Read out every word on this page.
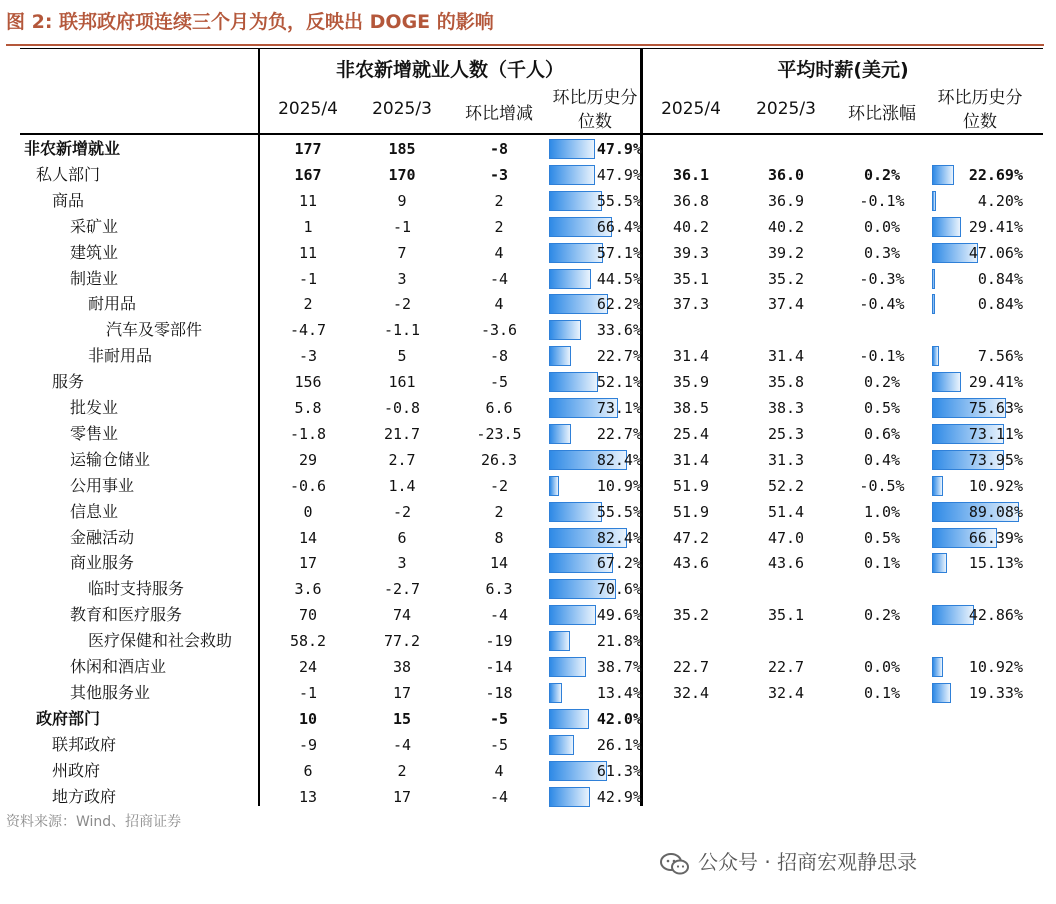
图 2: 联邦政府项连续三个月为负，反映出 DOGE 的影响
非农新增就业人数（千人）	平均时薪(美元)
2025/4	2025/3	环比增减
环比历史分位数
2025/4	2025/3	环比涨幅
环比历史分位数
非农新增就业	177	185	-8	47.9%
私人部门	167	170	-3	47.9%	36.1	36.0	0.2%	22.69%
商品	11	9	2	55.5%	36.8	36.9	-0.1%	4.20%
采矿业	1	-1	2	66.4%	40.2	40.2	0.0%	29.41%
建筑业	11	7	4	57.1%	39.3	39.2	0.3%	47.06%
制造业	-1	3	-4	44.5%	35.1	35.2	-0.3%	0.84%
耐用品	2	-2	4	62.2%	37.3	37.4	-0.4%	0.84%
汽车及零部件	-4.7	-1.1	-3.6	33.6%
非耐用品	-3	5	-8	22.7%	31.4	31.4	-0.1%	7.56%
服务	156	161	-5	52.1%	35.9	35.8	0.2%	29.41%
批发业	5.8	-0.8	6.6	73.1%	38.5	38.3	0.5%	75.63%
零售业	-1.8	21.7	-23.5	22.7%	25.4	25.3	0.6%	73.11%
运输仓储业	29	2.7	26.3	82.4%	31.4	31.3	0.4%	73.95%
公用事业	-0.6	1.4	-2	10.9%	51.9	52.2	-0.5%	10.92%
信息业	0	-2	2	55.5%	51.9	51.4	1.0%	89.08%
金融活动	14	6	8	82.4%	47.2	47.0	0.5%	66.39%
商业服务	17	3	14	67.2%	43.6	43.6	0.1%	15.13%
临时支持服务	3.6	-2.7	6.3	70.6%
教育和医疗服务	70	74	-4	49.6%	35.2	35.1	0.2%	42.86%
医疗保健和社会救助	58.2	77.2	-19	21.8%
休闲和酒店业	24	38	-14	38.7%	22.7	22.7	0.0%	10.92%
其他服务业	-1	17	-18	13.4%	32.4	32.4	0.1%	19.33%
政府部门	10	15	-5	42.0%
联邦政府	-9	-4	-5	26.1%
州政府	6	2	4	61.3%
地方政府	13	17	-4	42.9%
资料来源：Wind、招商证券
公众号 · 招商宏观静思录
